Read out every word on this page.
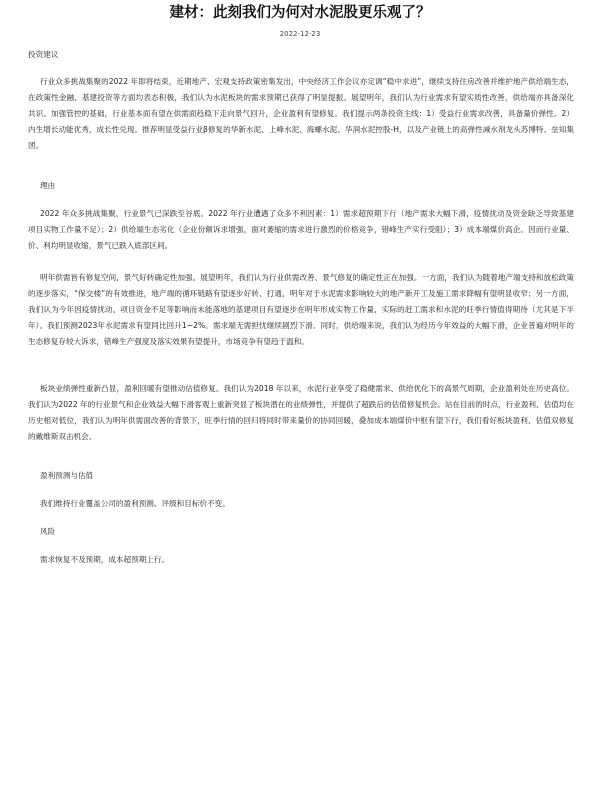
建材：此刻我们为何对水泥股更乐观了？
2022-12-23
投资建议

行业众多挑战集聚的2022 年即将结束，近期地产、宏观支持政策密集发出，中央经济工作会议亦定调“稳中求进”，继续支持住房改善并维护地产供给端生态，在政策性金融、基建投资等方面均表态积极，我们认为水泥板块的需求预期已获得了明显提振。展望明年，我们认为行业需求有望实质性改善，供给端亦具备深化共识、加强管控的基础，行业基本面有望在供需面趋稳下走向景气回升，企业盈利有望修复。我们提示两条投资主线：1）受益行业需求改善，具备量价弹性。2）内生增长动能优秀，成长性兑现。推荐明显受益行业β修复的华新水泥、上峰水泥、海螺水泥、华润水泥控股-H，以及产业链上的高弹性减水剂龙头苏博特、垒知集团。

理由

2022 年众多挑战集聚，行业景气已深跌至谷底。2022 年行业遭遇了众多不利因素：1）需求超预期下行（地产需求大幅下滑，疫情扰动及资金缺乏导致基建项目实物工作量不足）；2）供给端生态劣化（企业份额诉求增强，面对萎缩的需求进行激烈的价格竞争，错峰生产实行受阻）；3）成本端煤价高企。因而行业量、价、利均明显收缩，景气已跌入底部区间。

明年供需皆有修复空间，景气好转确定性加强。展望明年，我们认为行业供需改善、景气修复的确定性正在加强。一方面，我们认为随着地产端支持和放松政策的逐步落实，“保交楼”的有效推进，地产端的循环链路有望逐步好转、打通，明年对于水泥需求影响较大的地产新开工及施工需求降幅有望明显收窄；另一方面，我们认为今年因疫情扰动、项目资金不足等影响而未能落地的基建项目有望逐步在明年形成实物工作量，实际的赶工需求和水泥的旺季行情值得期待（尤其是下半年）。我们预测2023年水泥需求有望同比回升1~2%。需求端无需担忧继续剧烈下滑。同时，供给端来说，我们认为经历今年效益的大幅下滑，企业普遍对明年的生态修复存较大诉求，错峰生产强度及落实效果有望提升，市场竞争有望趋于温和。

板块业绩弹性重新凸显，盈利回暖有望推动估值修复。我们认为2018 年以来，水泥行业享受了稳健需求、供给优化下的高景气周期，企业盈利处在历史高位。我们认为2022 年的行业景气和企业效益大幅下滑客观上重新突显了板块潜在的业绩弹性，并提供了超跌后的估值修复机会。站在目前的时点，行业盈利、估值均在历史相对低位，我们认为明年供需面改善的背景下，旺季行情的回归将同时带来量价的协同回暖，叠加成本端煤价中枢有望下行，我们看好板块盈利、估值双修复的戴维斯双击机会。

盈利预测与估值

我们维持行业覆盖公司的盈利预测、评级和目标价不变。

风险

需求恢复不及预期，成本超预期上行。
